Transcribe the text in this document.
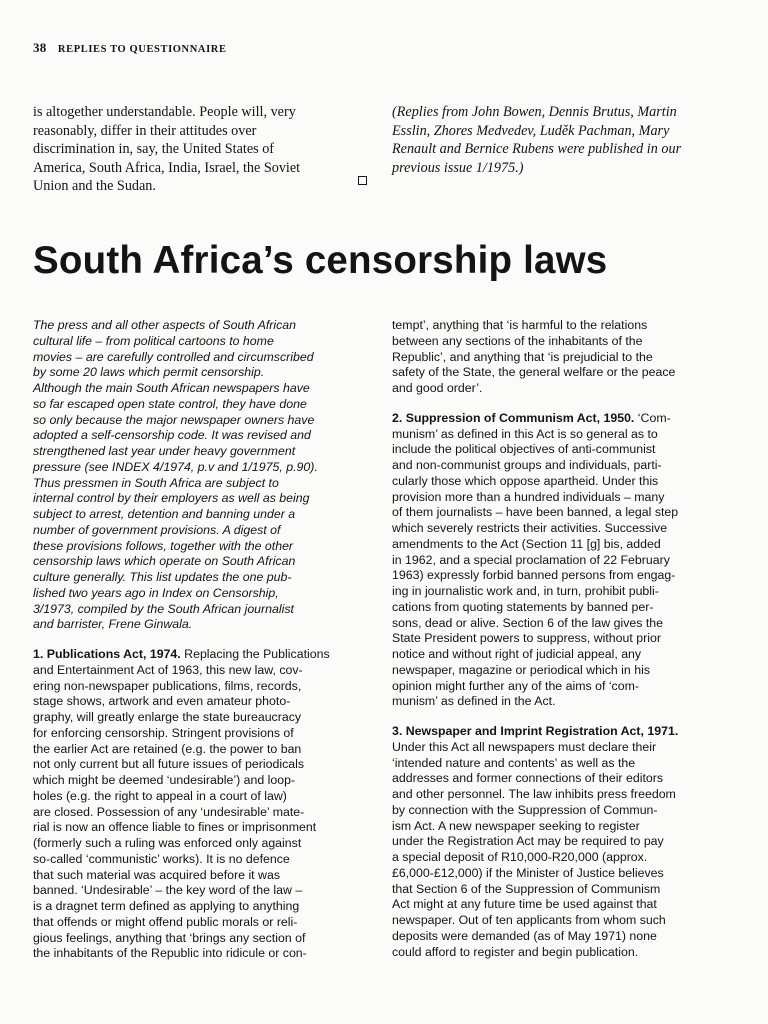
38 REPLIES TO QUESTIONNAIRE
is altogether understandable. People will, very
reasonably, differ in their attitudes over
discrimination in, say, the United States of
America, South Africa, India, Israel, the Soviet
Union and the Sudan.
(Replies from John Bowen, Dennis Brutus, Martin
Esslin, Zhores Medvedev, Luděk Pachman, Mary
Renault and Bernice Rubens were published in our
previous issue 1/1975.)
South Africa’s censorship laws
The press and all other aspects of South African
cultural life – from political cartoons to home
movies – are carefully controlled and circumscribed
by some 20 laws which permit censorship.
Although the main South African newspapers have
so far escaped open state control, they have done
so only because the major newspaper owners have
adopted a self-censorship code. It was revised and
strengthened last year under heavy government
pressure (see INDEX 4/1974, p.v and 1/1975, p.90).
Thus pressmen in South Africa are subject to
internal control by their employers as well as being
subject to arrest, detention and banning under a
number of government provisions. A digest of
these provisions follows, together with the other
censorship laws which operate on South African
culture generally. This list updates the one pub-
lished two years ago in Index on Censorship,
3/1973, compiled by the South African journalist
and barrister, Frene Ginwala.
1. Publications Act, 1974. Replacing the Publications
and Entertainment Act of 1963, this new law, cov-
ering non-newspaper publications, films, records,
stage shows, artwork and even amateur photo-
graphy, will greatly enlarge the state bureaucracy
for enforcing censorship. Stringent provisions of
the earlier Act are retained (e.g. the power to ban
not only current but all future issues of periodicals
which might be deemed ‘undesirable’) and loop-
holes (e.g. the right to appeal in a court of law)
are closed. Possession of any ‘undesirable’ mate-
rial is now an offence liable to fines or imprisonment
(formerly such a ruling was enforced only against
so-called ‘communistic’ works). It is no defence
that such material was acquired before it was
banned. ‘Undesirable’ – the key word of the law –
is a dragnet term defined as applying to anything
that offends or might offend public morals or reli-
gious feelings, anything that ‘brings any section of
the inhabitants of the Republic into ridicule or con-
tempt’, anything that ‘is harmful to the relations
between any sections of the inhabitants of the
Republic’, and anything that ‘is prejudicial to the
safety of the State, the general welfare or the peace
and good order’.
2. Suppression of Communism Act, 1950. ‘Com-
munism’ as defined in this Act is so general as to
include the political objectives of anti-communist
and non-communist groups and individuals, parti-
cularly those which oppose apartheid. Under this
provision more than a hundred individuals – many
of them journalists – have been banned, a legal step
which severely restricts their activities. Successive
amendments to the Act (Section 11 [g] bis, added
in 1962, and a special proclamation of 22 February
1963) expressly forbid banned persons from engag-
ing in journalistic work and, in turn, prohibit publi-
cations from quoting statements by banned per-
sons, dead or alive. Section 6 of the law gives the
State President powers to suppress, without prior
notice and without right of judicial appeal, any
newspaper, magazine or periodical which in his
opinion might further any of the aims of ‘com-
munism’ as defined in the Act.
3. Newspaper and Imprint Registration Act, 1971.
Under this Act all newspapers must declare their
‘intended nature and contents’ as well as the
addresses and former connections of their editors
and other personnel. The law inhibits press freedom
by connection with the Suppression of Commun-
ism Act. A new newspaper seeking to register
under the Registration Act may be required to pay
a special deposit of R10,000-R20,000 (approx.
£6,000-£12,000) if the Minister of Justice believes
that Section 6 of the Suppression of Communism
Act might at any future time be used against that
newspaper. Out of ten applicants from whom such
deposits were demanded (as of May 1971) none
could afford to register and begin publication.
